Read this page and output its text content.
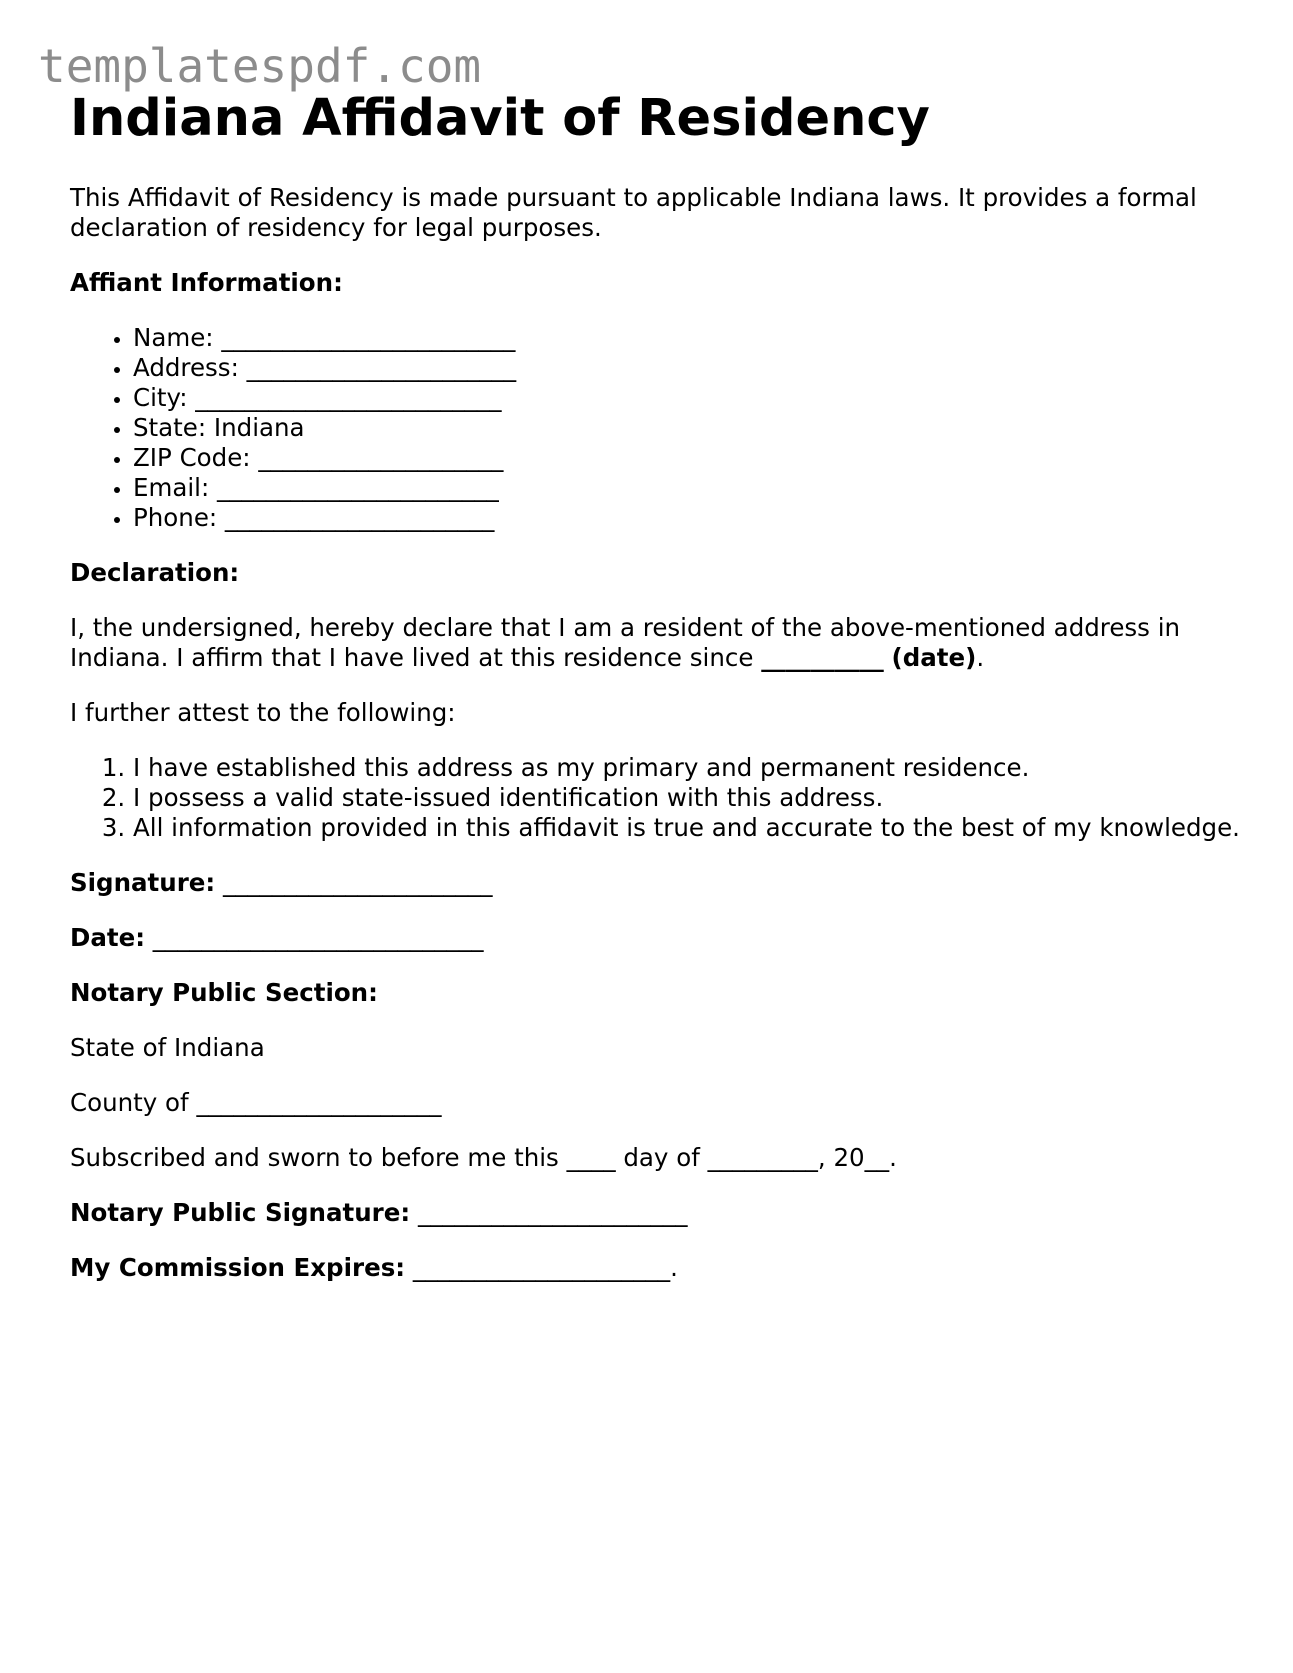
templatespdf.com
Indiana Affidavit of Residency

This Affidavit of Residency is made pursuant to applicable Indiana laws. It provides a formal declaration of residency for legal purposes.

Affiant Information:

• Name: ________________________
• Address: ______________________
• City: _________________________
• State: Indiana
• ZIP Code: ____________________
• Email: _______________________
• Phone: ______________________

Declaration:

I, the undersigned, hereby declare that I am a resident of the above-mentioned address in Indiana. I affirm that I have lived at this residence since __________ (date).

I further attest to the following:

1. I have established this address as my primary and permanent residence.
2. I possess a valid state-issued identification with this address.
3. All information provided in this affidavit is true and accurate to the best of my knowledge.

Signature: ______________________

Date: ___________________________

Notary Public Section:

State of Indiana

County of ____________________

Subscribed and sworn to before me this ____ day of _________, 20__.

Notary Public Signature: ______________________

My Commission Expires: _____________________.
